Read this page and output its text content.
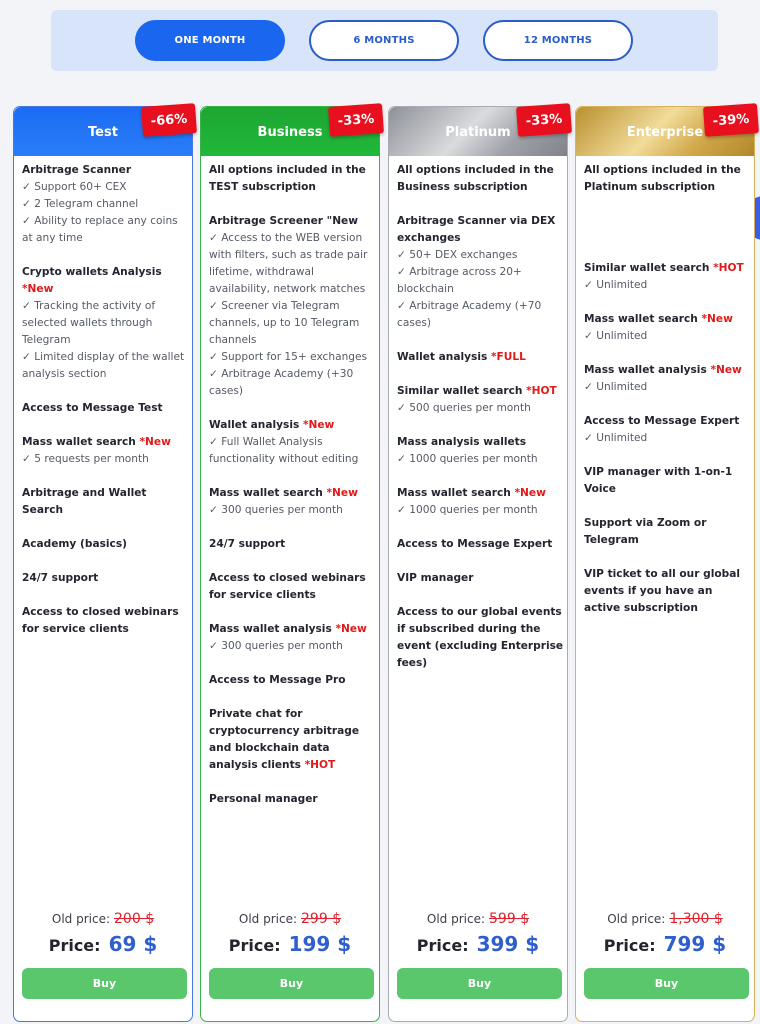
ONE MONTH	6 MONTHS	12 MONTHS
Test
-66%

Arbitrage Scanner
✓ Support 60+ CEX
✓ 2 Telegram channel
✓ Ability to replace any coins at any time

Crypto wallets Analysis *New
✓ Tracking the activity of selected wallets through Telegram
✓ Limited display of the wallet analysis section

Access to Message Test

Mass wallet search *New
✓ 5 requests per month

Arbitrage and Wallet Search

Academy (basics)

24/7 support

Access to closed webinars for service clients

Old price: 200 $
Price: 69 $
Buy
Business
-33%

All options included in the TEST subscription

Arbitrage Screener "New
✓ Access to the WEB version with filters, such as trade pair lifetime, withdrawal availability, network matches
✓ Screener via Telegram channels, up to 10 Telegram channels
✓ Support for 15+ exchanges
✓ Arbitrage Academy (+30 cases)

Wallet analysis *New
✓ Full Wallet Analysis functionality without editing

Mass wallet search *New
✓ 300 queries per month

24/7 support

Access to closed webinars for service clients

Mass wallet analysis *New
✓ 300 queries per month

Access to Message Pro

Private chat for cryptocurrency arbitrage and blockchain data analysis clients *HOT

Personal manager

Old price: 299 $
Price: 199 $
Buy
Platinum
-33%

All options included in the Business subscription

Arbitrage Scanner via DEX exchanges
✓ 50+ DEX exchanges
✓ Arbitrage across 20+ blockchain
✓ Arbitrage Academy (+70 cases)

Wallet analysis *FULL

Similar wallet search *HOT
✓ 500 queries per month

Mass analysis wallets
✓ 1000 queries per month

Mass wallet search *New
✓ 1000 queries per month

Access to Message Expert

VIP manager

Access to our global events if subscribed during the event (excluding Enterprise fees)

Old price: 599 $
Price: 399 $
Buy
Enterprise
-39%

All options included in the Platinum subscription

Similar wallet search *HOT
✓ Unlimited

Mass wallet search *New
✓ Unlimited

Mass wallet analysis *New
✓ Unlimited

Access to Message Expert
✓ Unlimited

VIP manager with 1-on-1 Voice

Support via Zoom or Telegram

VIP ticket to all our global events if you have an active subscription

Old price: 1,300 $
Price: 799 $
Buy
